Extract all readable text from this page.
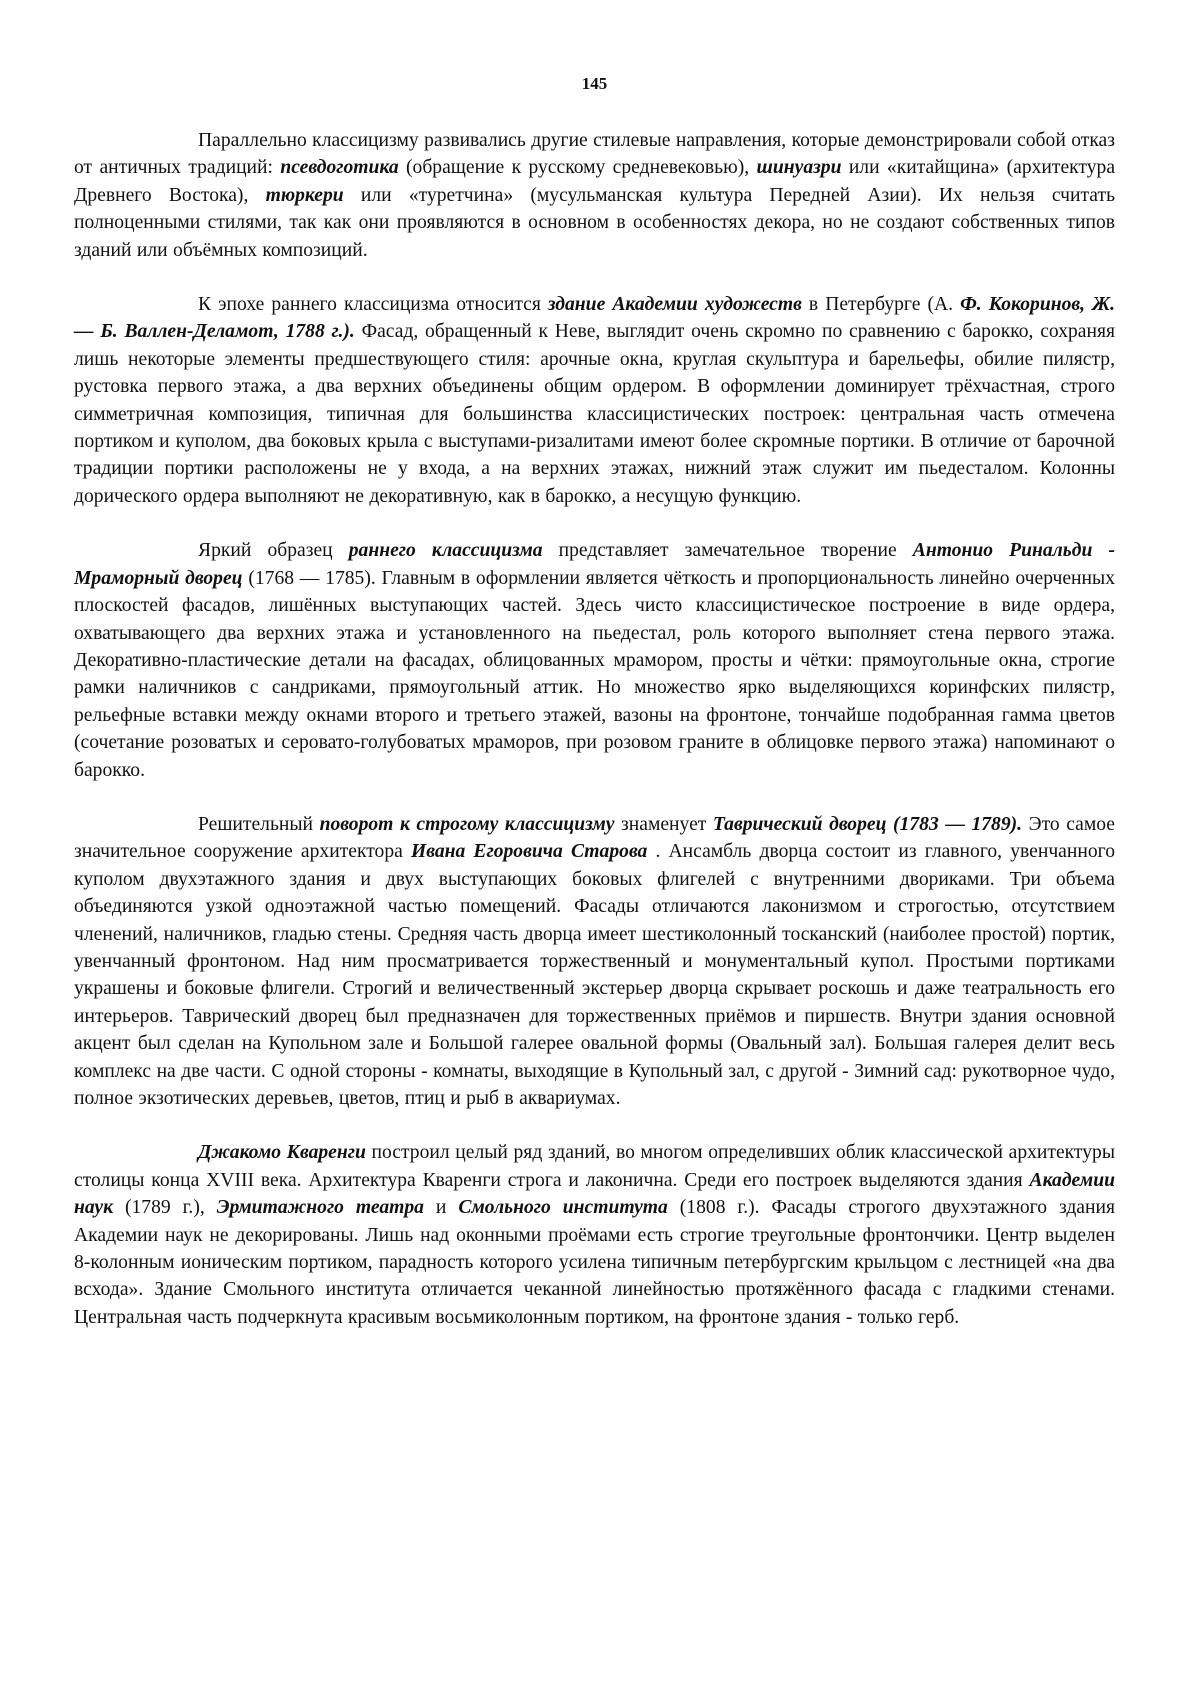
145

Параллельно классицизму развивались другие стилевые направления, которые демонстрировали собой отказ от античных традиций: псевдоготика (обращение к русскому средневековью), шинуазри или «китайщина» (архитектура Древнего Востока), тюркери или «туретчина» (мусульманская культура Передней Азии). Их нельзя считать полноценными стилями, так как они проявляются в основном в особенностях декора, но не создают собственных типов зданий или объёмных композиций.

К эпохе раннего классицизма относится здание Академии художеств в Петербурге (А. Ф. Кокоринов, Ж. — Б. Валлен-Деламот, 1788 г.). Фасад, обращенный к Неве, выглядит очень скромно по сравнению с барокко, сохраняя лишь некоторые элементы предшествующего стиля: арочные окна, круглая скульптура и барельефы, обилие пилястр, рустовка первого этажа, а два верхних объединены общим ордером. В оформлении доминирует трёхчастная, строго симметричная композиция, типичная для большинства классицистических построек: центральная часть отмечена портиком и куполом, два боковых крыла с выступами-ризалитами имеют более скромные портики. В отличие от барочной традиции портики расположены не у входа, а на верхних этажах, нижний этаж служит им пьедесталом. Колонны дорического ордера выполняют не декоративную, как в барокко, а несущую функцию.

Яркий образец раннего классицизма представляет замечательное творение Антонио Ринальди - Мраморный дворец (1768 — 1785). Главным в оформлении является чёткость и пропорциональность линейно очерченных плоскостей фасадов, лишённых выступающих частей. Здесь чисто классицистическое построение в виде ордера, охватывающего два верхних этажа и установленного на пьедестал, роль которого выполняет стена первого этажа. Декоративно-пластические детали на фасадах, облицованных мрамором, просты и чётки: прямоугольные окна, строгие рамки наличников с сандриками, прямоугольный аттик. Но множество ярко выделяющихся коринфских пилястр, рельефные вставки между окнами второго и третьего этажей, вазоны на фронтоне, тончайше подобранная гамма цветов (сочетание розоватых и серовато-голубоватых мраморов, при розовом граните в облицовке первого этажа) напоминают о барокко.

Решительный поворот к строгому классицизму знаменует Таврический дворец (1783 — 1789). Это самое значительное сооружение архитектора Ивана Егоровича Старова . Ансамбль дворца состоит из главного, увенчанного куполом двухэтажного здания и двух выступающих боковых флигелей с внутренними двориками. Три объема объединяются узкой одноэтажной частью помещений. Фасады отличаются лаконизмом и строгостью, отсутствием членений, наличников, гладью стены. Средняя часть дворца имеет шестиколонный тосканский (наиболее простой) портик, увенчанный фронтоном. Над ним просматривается торжественный и монументальный купол. Простыми портиками украшены и боковые флигели. Строгий и величественный экстерьер дворца скрывает роскошь и даже театральность его интерьеров. Таврический дворец был предназначен для торжественных приёмов и пиршеств. Внутри здания основной акцент был сделан на Купольном зале и Большой галерее овальной формы (Овальный зал). Большая галерея делит весь комплекс на две части. С одной стороны - комнаты, выходящие в Купольный зал, с другой - Зимний сад: рукотворное чудо, полное экзотических деревьев, цветов, птиц и рыб в аквариумах.

Джакомо Кваренги построил целый ряд зданий, во многом определивших облик классической архитектуры столицы конца XVIII века. Архитектура Кваренги строга и лаконична. Среди его построек выделяются здания Академии наук (1789 г.), Эрмитажного театра и Смольного института (1808 г.). Фасады строгого двухэтажного здания Академии наук не декорированы. Лишь над оконными проёмами есть строгие треугольные фронтончики. Центр выделен 8-колонным ионическим портиком, парадность которого усилена типичным петербургским крыльцом с лестницей «на два всхода». Здание Смольного института отличается чеканной линейностью протяжённого фасада с гладкими стенами. Центральная часть подчеркнута красивым восьмиколонным портиком, на фронтоне здания - только герб.
